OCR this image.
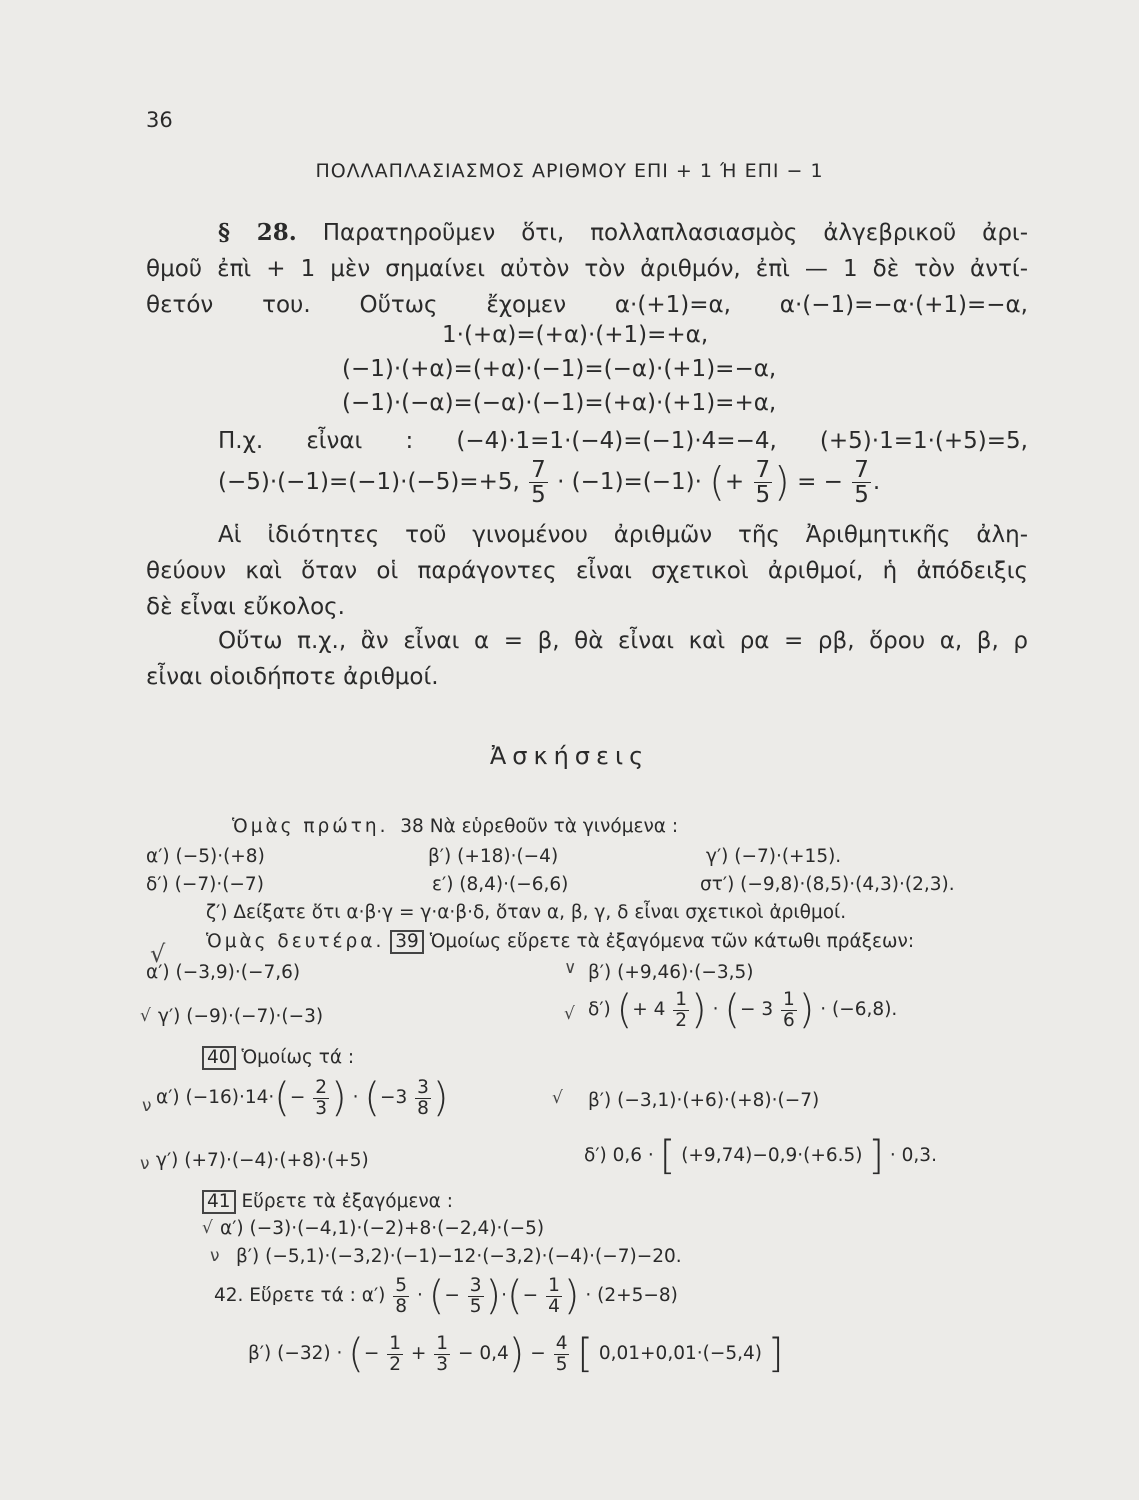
36
ΠΟΛΛΑΠΛΑΣΙΑΣΜΟΣ ΑΡΙΘΜΟΥ ΕΠΙ + 1 Ή ΕΠΙ − 1
§ 28. Παρατηροῦμεν ὅτι, πολλαπλασιασμὸς ἀλγεβρικοῦ ἀρι-
θμοῦ ἐπὶ + 1 μὲν σημαίνει αὐτὸν τὸν ἀριθμόν, ἐπὶ — 1 δὲ τὸν ἀντί-
θετόν του. Οὕτως ἔχομεν α·(+1)=α, α·(−1)=−α·(+1)=−α,
1·(+α)=(+α)·(+1)=+α,
(−1)·(+α)=(+α)·(−1)=(−α)·(+1)=−α,
(−1)·(−α)=(−α)·(−1)=(+α)·(+1)=+α,
Π.χ. εἶναι : (−4)·1=1·(−4)=(−1)·4=−4, (+5)·1=1·(+5)=5,
(−5)·(−1)=(−1)·(−5)=+5, $\frac{7}{5} \cdot (-1)=(-1)\cdot$ (+ $\frac{7}{5}$ ) = − $\frac{7}{5}$ .
Αἱ ἰδιότητες τοῦ γινομένου ἀριθμῶν τῆς Ἀριθμητικῆς ἀλη-
θεύουν καὶ ὅταν οἱ παράγοντες εἶναι σχετικοὶ ἀριθμοί, ἡ ἀπόδειξις
δὲ εἶναι εὔκολος.
Οὕτω π.χ., ἂν εἶναι α = β, θὰ εἶναι καὶ ρα = ρβ, ὅρου α, β, ρ
εἶναι οἱοιδήποτε ἀριθμοί.
Ἀσκήσεις
Ὁμὰς πρώτη. 38 Νὰ εὑρεθοῦν τὰ γινόμενα :
α′) (−5)·(+8)	β′) (+18)·(−4)	γ′) (−7)·(+15).
δ′) (−7)·(−7)	ε′) (8,4)·(−6,6)	στ′) (−9,8)·(8,5)·(4,3)·(2,3).
ζ′) Δείξατε ὅτι α·β·γ = γ·α·β·δ, ὅταν α, β, γ, δ εἶναι σχετικοὶ ἀριθμοί.
Ὁμὰς δευτέρα. 39 Ὁμοίως εὕρετε τὰ ἐξαγόμενα τῶν κάτωθι πράξεων:
√
α′) (−3,9)·(−7,6)	∨ β′) (+9,46)·(−3,5)
√ γ′) (−9)·(−7)·(−3)	√ δ′) (+ $4 \frac{1}{2}$ ) · (− $3 \frac{1}{6}$ ) · (−6,8).
40 Ὁμοίως τά :
ν α′) $(-16)\cdot 14\cdot(- \frac{2}{3}$ ) · ($-3 \frac{3}{8}$ )	√ β′) (−3,1)·(+6)·(+8)·(−7)
ν γ′) (+7)·(−4)·(+8)·(+5)	δ′) 0,6 · [ (+9,74)−0,9·(+6.5) ] · 0,3.
41 Εὕρετε τὰ ἐξαγόμενα :
√ α′) (−3)·(−4,1)·(−2)+8·(−2,4)·(−5)
ν β′) (−5,1)·(−3,2)·(−1)−12·(−3,2)·(−4)·(−7)−20.
42. Εὕρετε τά : $\alpha') \frac{5}{8}$ · (− $\frac{3}{5}$ )·(− $\frac{1}{4}$ ) · (2+5−8)
β′) (−32) · (− $\frac{1}{2} + \frac{1}{3} - 0,4) - \frac{4}{5}$ [ 0,01+0,01·(−5,4) ]
